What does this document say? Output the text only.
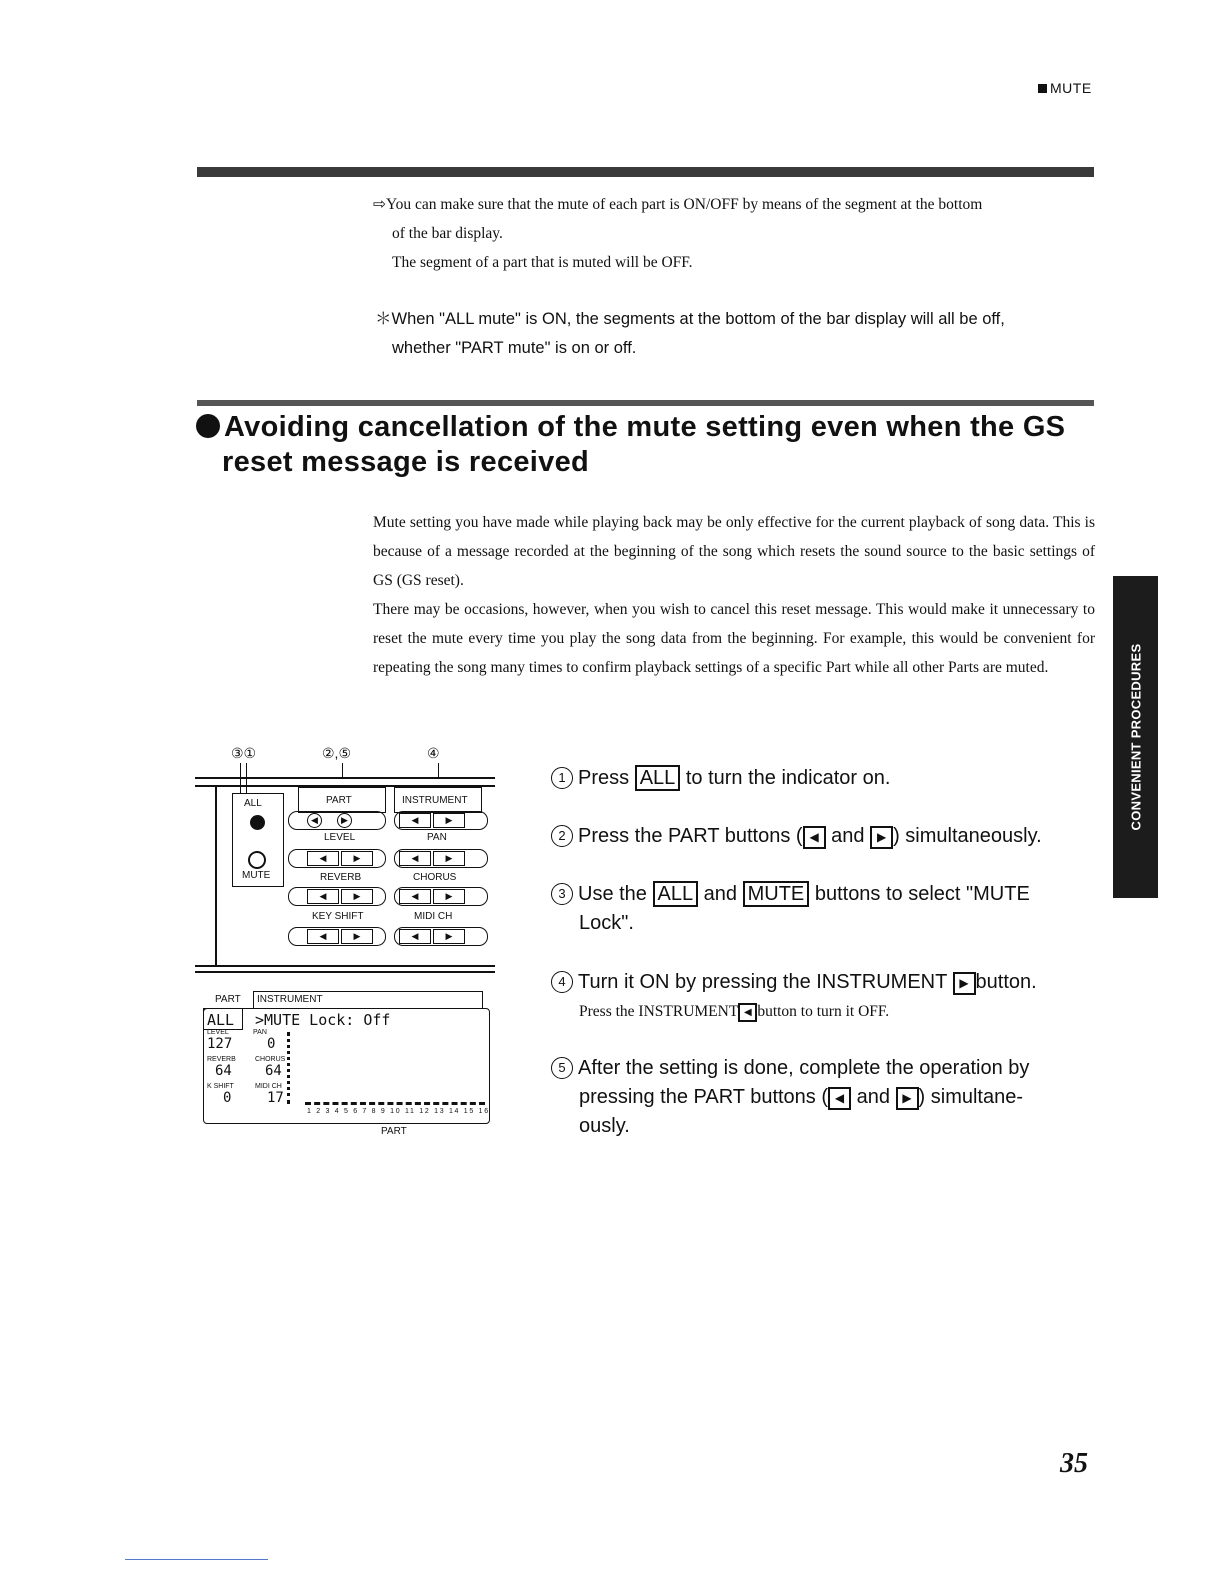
MUTE
⇨You can make sure that the mute of each part is ON/OFF by means of the segment at the bottom
of the bar display.
The segment of a part that is muted will be OFF.
＊When "ALL mute" is ON, the segments at the bottom of the bar display will all be off,
whether "PART mute" is on or off.
Avoiding cancellation of the mute setting even when the GS
reset message is received
Mute setting you have made while playing back may be only effective for the current playback of song data. This is because of a message recorded at the beginning of the song which resets the sound source to the basic settings of GS (GS reset).
There may be occasions, however, when you wish to cancel this reset message. This would make it unnecessary to reset the mute every time you play the song data from the beginning. For example, this would be convenient for repeating the song many times to confirm playback settings of a specific Part while all other Parts are muted.
③①	②,⑤	④
ALL
MUTE
PART	INSTRUMENT
◀	▶	◀	▶
LEVEL	PAN
◀	▶	◀	▶
REVERB	CHORUS
◀	▶	◀	▶
KEY SHIFT	MIDI CH
◀	▶	◀	▶
PART INSTRUMENT
ALL >MUTE Lock: Off
LEVEL	PAN
127 0
REVERB	CHORUS
64 64
K SHIFT	MIDI CH
0	17
1 2 3 4 5 6 7 8 9 10 11 12 13 14 15 16
PART
1 Press ALL to turn the indicator on.
2 Press the PART buttons ( ◀ and ▶ ) simultaneously.
3 Use the ALL and MUTE buttons to select "MUTE
Lock".
4 Turn it ON by pressing the INSTRUMENT ▶ button.
Press the INSTRUMENT ◀ button to turn it OFF.
5 After the setting is done, complete the operation by
pressing the PART buttons ( ◀ and ▶ ) simultane-
ously.
CONVENIENT PROCEDURES
35
